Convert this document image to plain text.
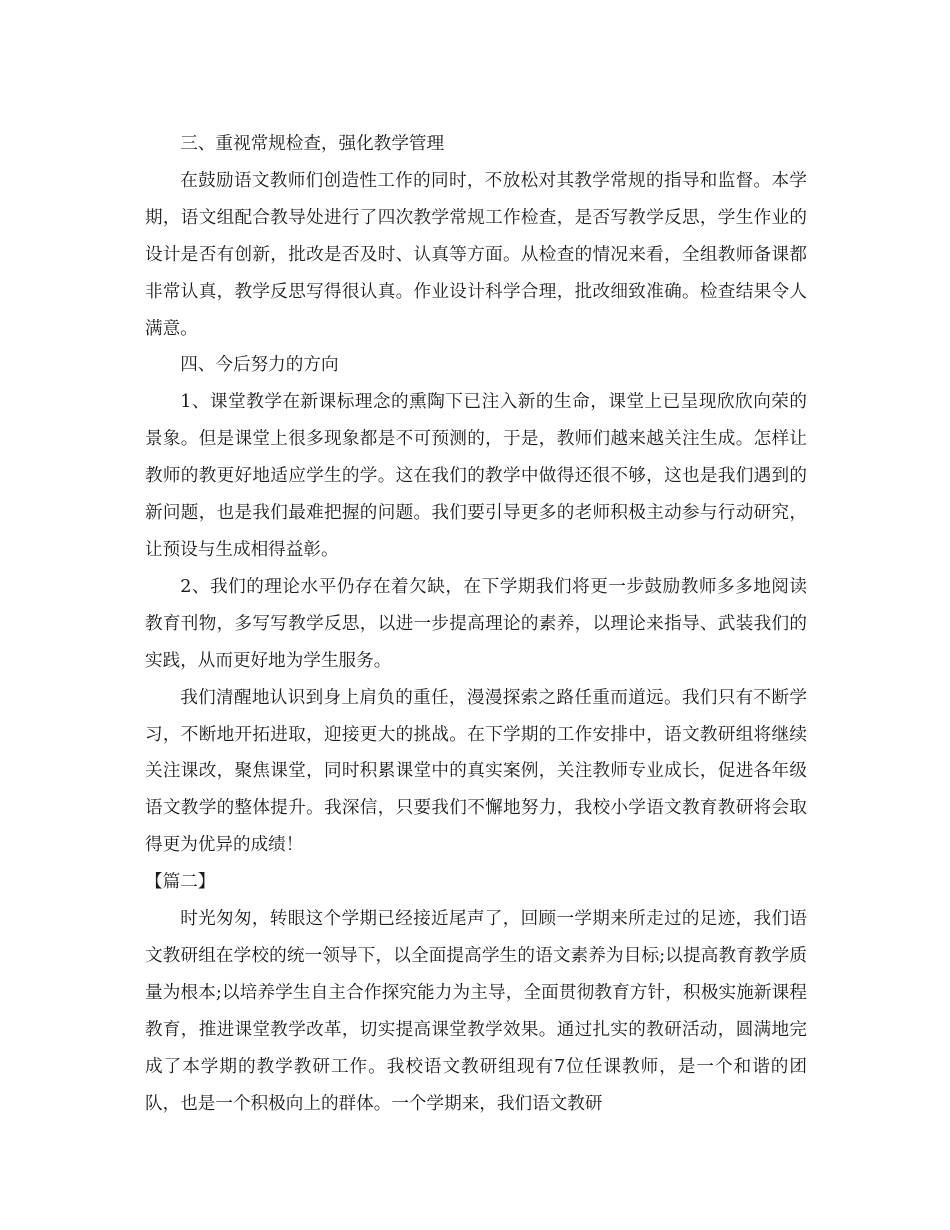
三、重视常规检查，强化教学管理

在鼓励语文教师们创造性工作的同时，不放松对其教学常规的指导和监督。本学期，语文组配合教导处进行了四次教学常规工作检查，是否写教学反思，学生作业的设计是否有创新，批改是否及时、认真等方面。从检查的情况来看，全组教师备课都非常认真，教学反思写得很认真。作业设计科学合理，批改细致准确。检查结果令人满意。

四、今后努力的方向

1、课堂教学在新课标理念的熏陶下已注入新的生命，课堂上已呈现欣欣向荣的景象。但是课堂上很多现象都是不可预测的，于是，教师们越来越关注生成。怎样让教师的教更好地适应学生的学。这在我们的教学中做得还很不够，这也是我们遇到的新问题，也是我们最难把握的问题。我们要引导更多的老师积极主动参与行动研究，让预设与生成相得益彰。

2、我们的理论水平仍存在着欠缺，在下学期我们将更一步鼓励教师多多地阅读教育刊物，多写写教学反思，以进一步提高理论的素养，以理论来指导、武装我们的实践，从而更好地为学生服务。

我们清醒地认识到身上肩负的重任，漫漫探索之路任重而道远。我们只有不断学习，不断地开拓进取，迎接更大的挑战。在下学期的工作安排中，语文教研组将继续关注课改，聚焦课堂，同时积累课堂中的真实案例，关注教师专业成长，促进各年级语文教学的整体提升。我深信，只要我们不懈地努力，我校小学语文教育教研将会取得更为优异的成绩！

【篇二】

时光匆匆，转眼这个学期已经接近尾声了，回顾一学期来所走过的足迹，我们语文教研组在学校的统一领导下，以全面提高学生的语文素养为目标;以提高教育教学质量为根本;以培养学生自主合作探究能力为主导，全面贯彻教育方针，积极实施新课程教育，推进课堂教学改革，切实提高课堂教学效果。通过扎实的教研活动，圆满地完成了本学期的教学教研工作。我校语文教研组现有7位任课教师，是一个和谐的团队，也是一个积极向上的群体。一个学期来，我们语文教研
